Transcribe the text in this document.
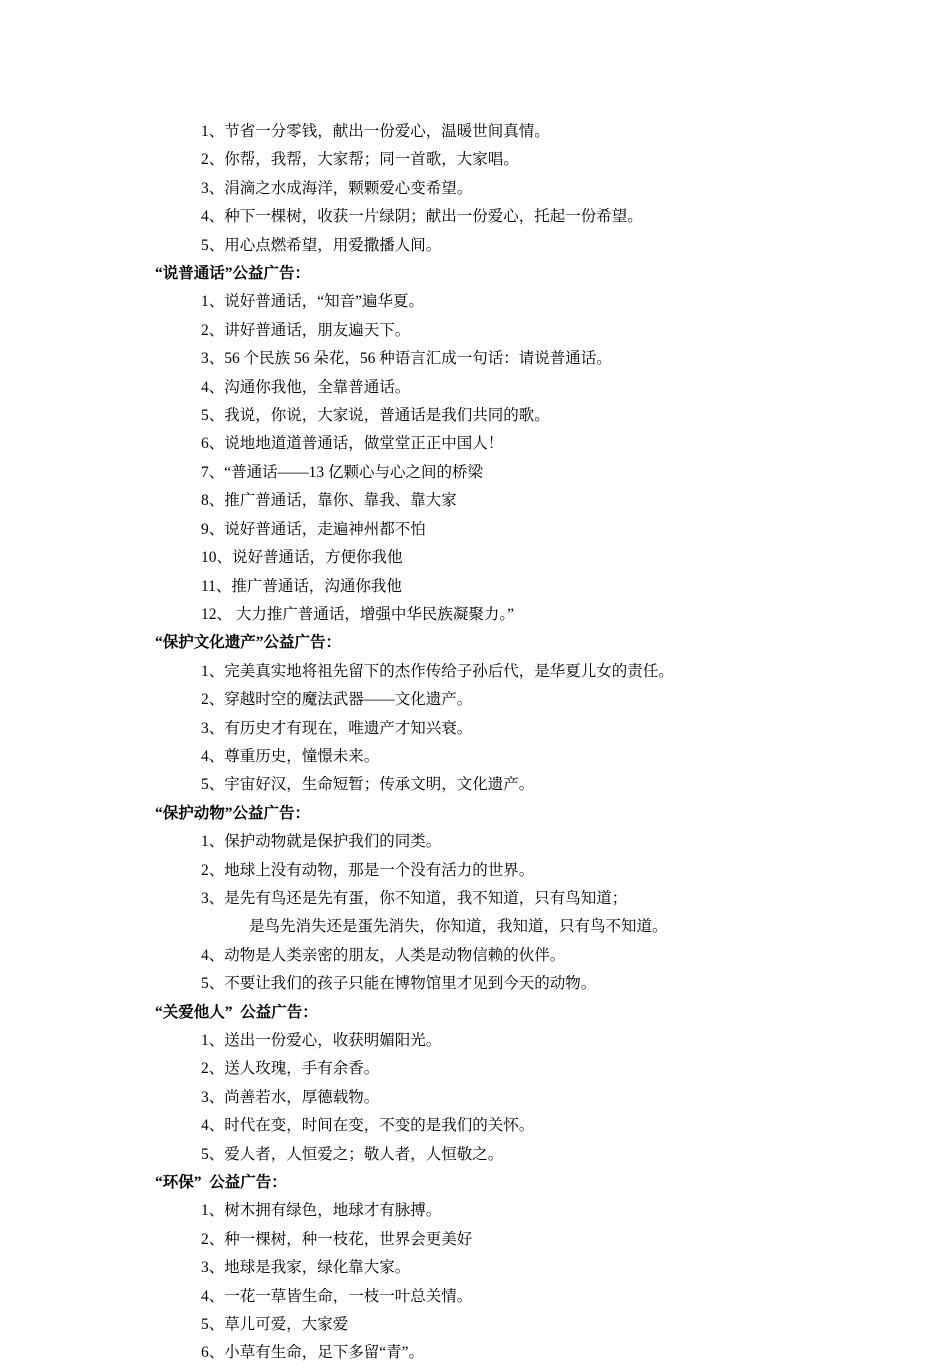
1、节省一分零钱，献出一份爱心，温暖世间真情。

2、你帮，我帮，大家帮；同一首歌，大家唱。

3、涓滴之水成海洋，颗颗爱心变希望。

4、种下一棵树，收获一片绿阴；献出一份爱心，托起一份希望。

5、用心点燃希望，用爱撒播人间。

“说普通话”公益广告：

1、说好普通话，“知音”遍华夏。

2、讲好普通话，朋友遍天下。

3、56 个民族 56 朵花，56 种语言汇成一句话：请说普通话。

4、沟通你我他，全靠普通话。

5、我说，你说，大家说，普通话是我们共同的歌。

6、说地地道道普通话，做堂堂正正中国人！

7、“普通话——13 亿颗心与心之间的桥梁

8、推广普通话，靠你、靠我、靠大家

9、说好普通话，走遍神州都不怕

10、说好普通话，方便你我他

11、推广普通话，沟通你我他

12、 大力推广普通话，增强中华民族凝聚力。”

“保护文化遗产”公益广告：

1、完美真实地将祖先留下的杰作传给子孙后代，是华夏儿女的责任。

2、穿越时空的魔法武器——文化遗产。

3、有历史才有现在，唯遗产才知兴衰。

4、尊重历史，憧憬未来。

5、宇宙好汉，生命短暂；传承文明，文化遗产。

“保护动物”公益广告：

1、保护动物就是保护我们的同类。

2、地球上没有动物，那是一个没有活力的世界。

3、是先有鸟还是先有蛋，你不知道，我不知道，只有鸟知道；

是鸟先消失还是蛋先消失，你知道，我知道，只有鸟不知道。

4、动物是人类亲密的朋友，人类是动物信赖的伙伴。

5、不要让我们的孩子只能在博物馆里才见到今天的动物。

“关爱他人”  公益广告：

1、送出一份爱心，收获明媚阳光。

2、送人玫瑰，手有余香。

3、尚善若水，厚德载物。

4、时代在变，时间在变，不变的是我们的关怀。

5、爱人者，人恒爱之；敬人者，人恒敬之。

“环保”  公益广告：

1、树木拥有绿色，地球才有脉搏。

2、种一棵树，种一枝花，世界会更美好

3、地球是我家，绿化靠大家。

4、一花一草皆生命，一枝一叶总关情。

5、草儿可爱，大家爱

6、小草有生命，足下多留“青”。
